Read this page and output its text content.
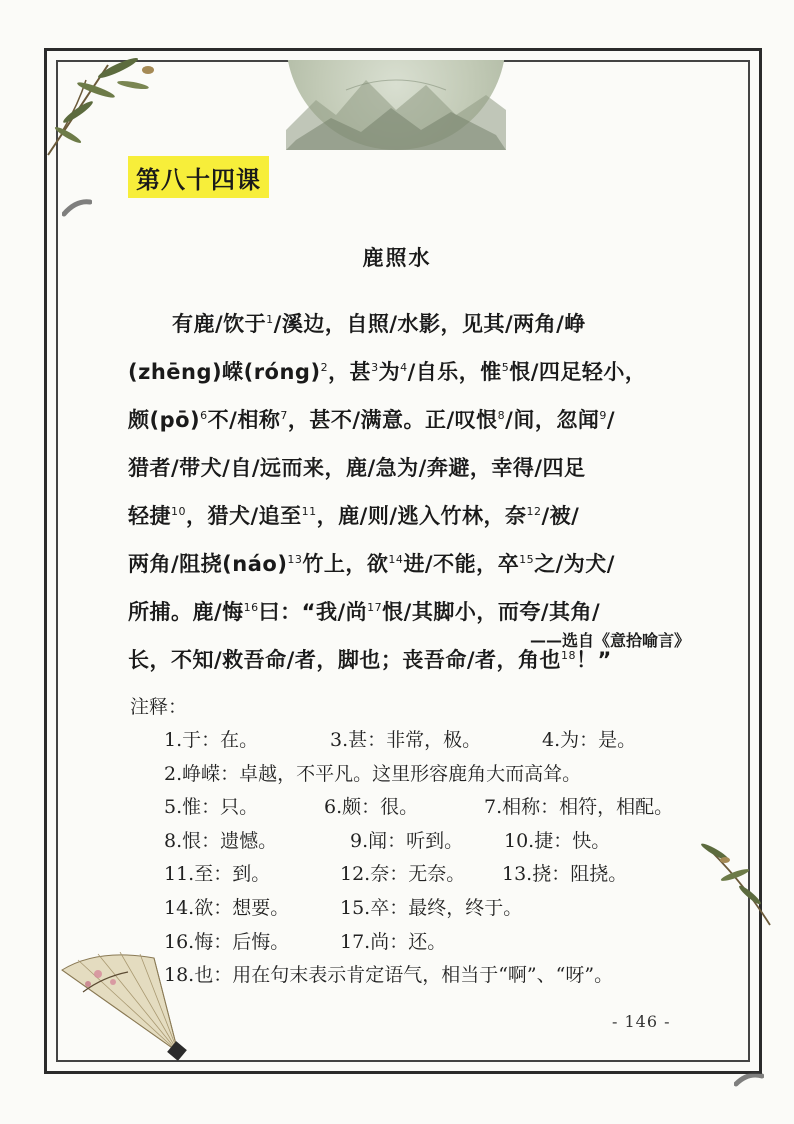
第八十四课
鹿照水
有鹿/饮于$^1$/溪边，自照/水影，见其/两角/峥
(zhēng)嵘(róng)$^2$，甚$^3$为$^4$/自乐，惟$^5$恨/四足轻小，
颇(pō)$^6$不/相称$^7$，甚不/满意。正/叹恨$^8$/间，忽闻$^9$/
猎者/带犬/自/远而来，鹿/急为/奔避，幸得/四足
轻捷$^{10}$，猎犬/追至$^{11}$，鹿/则/逃入竹林，奈$^{12}$/被/
两角/阻挠(náo)$^{13}$竹上，欲$^{14}$进/不能，卒$^{15}$之/为犬/
所捕。鹿/悔$^{16}$曰：“我/尚$^{17}$恨/其脚小，而夸/其角/
长，不知/救吾命/者，脚也；丧吾命/者，角也$^{18}$！”
——选自《意拾喻言》
注释：
1.于：在。	3.甚：非常，极。	4.为：是。
2.峥嵘：卓越，不平凡。这里形容鹿角大而高耸。
5.惟：只。	6.颇：很。	7.相称：相符，相配。
8.恨：遗憾。	9.闻：听到。 10.捷：快。
11.至：到。	12.奈：无奈。 13.挠：阻挠。
14.欲：想要。	15.卒：最终，终于。
16.悔：后悔。	17.尚：还。
18.也：用在句末表示肯定语气，相当于“啊”、“呀”。
- 146 -
